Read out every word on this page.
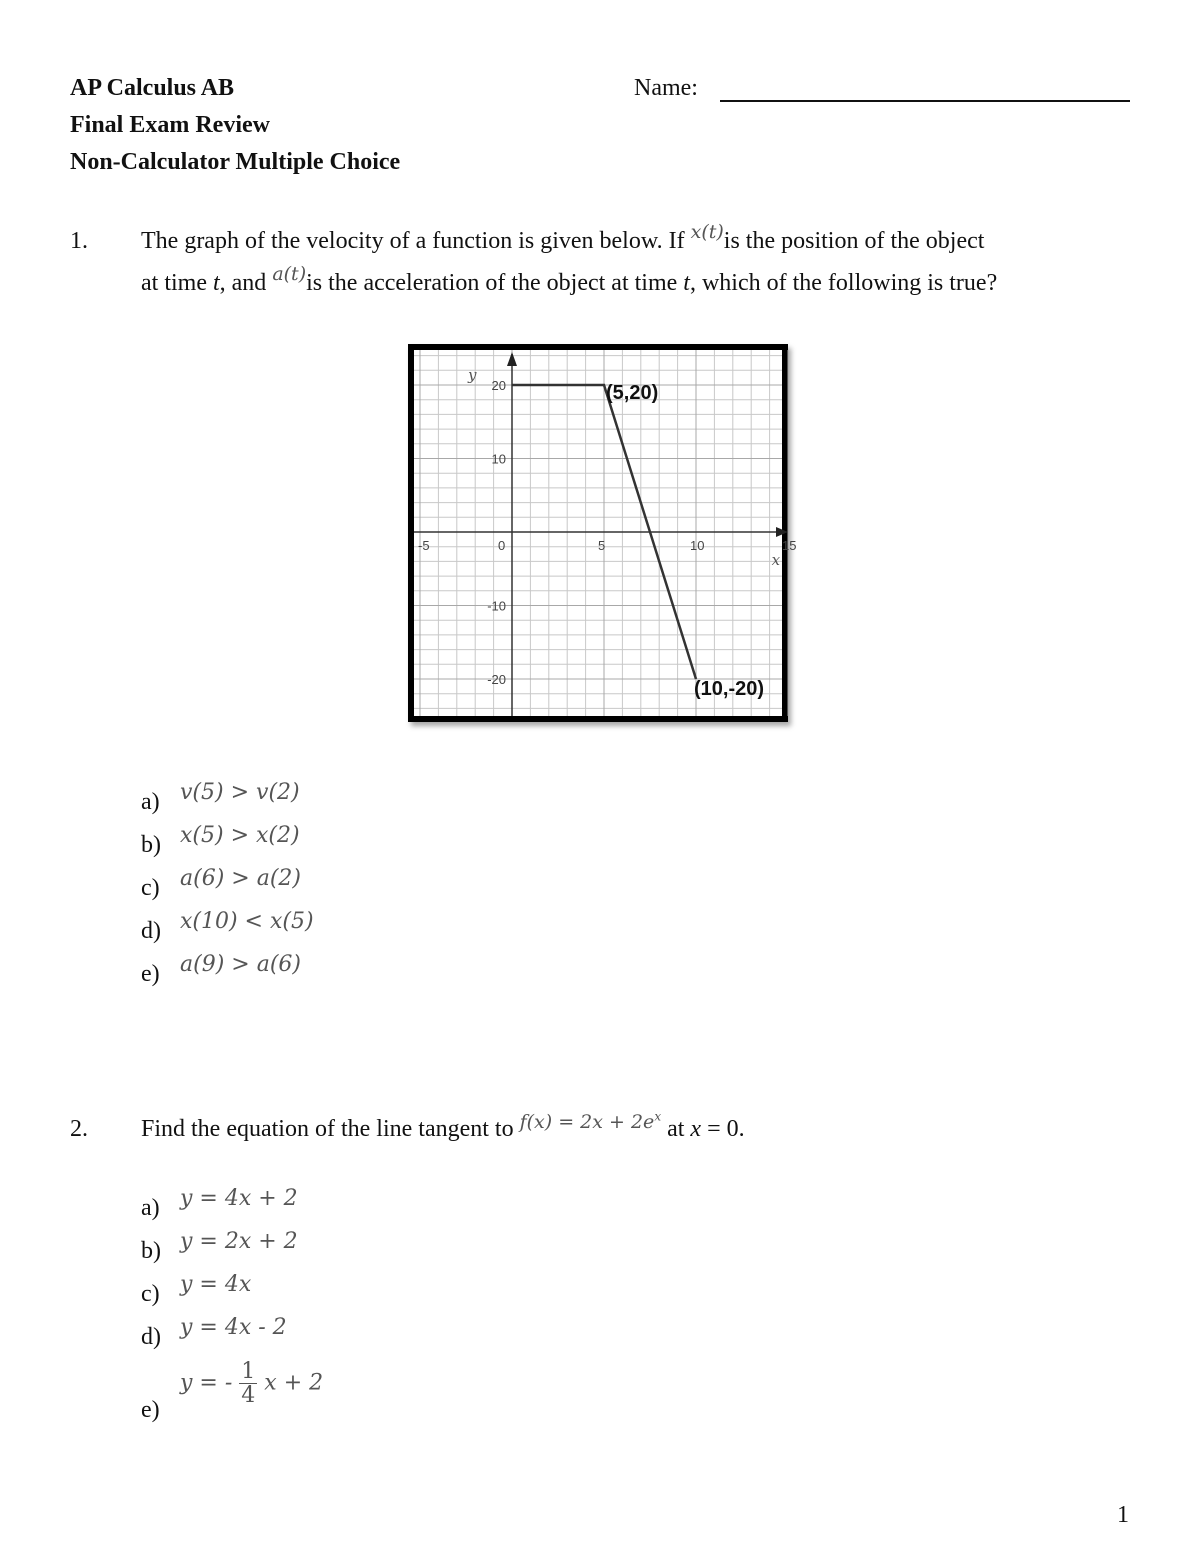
AP Calculus AB
Final Exam Review
Non-Calculator Multiple Choice
Name:
1. The graph of the velocity of a function is given below. If $^{x(t)}$is the position of the object
at time t, and $^{a(t)}$is the acceleration of the object at time t, which of the following is true?
-5	0	5	10	15
20
10
-10
-20
x
y
(5,20)
(10,-20)
a) v(5) > v(2)
b) x(5) > x(2)
c) a(6) > a(2)
d) x(10) < x(5)
e) a(9) > a(6)
2. Find the equation of the line tangent to $^{f(x) = 2x + 2e^x}$ at x = 0.
a) y = 4x + 2
b) y = 2x + 2
c) y = 4x
d) y = 4x - 2
e)
y = - $\frac{1}{4}$ x + 2
1
